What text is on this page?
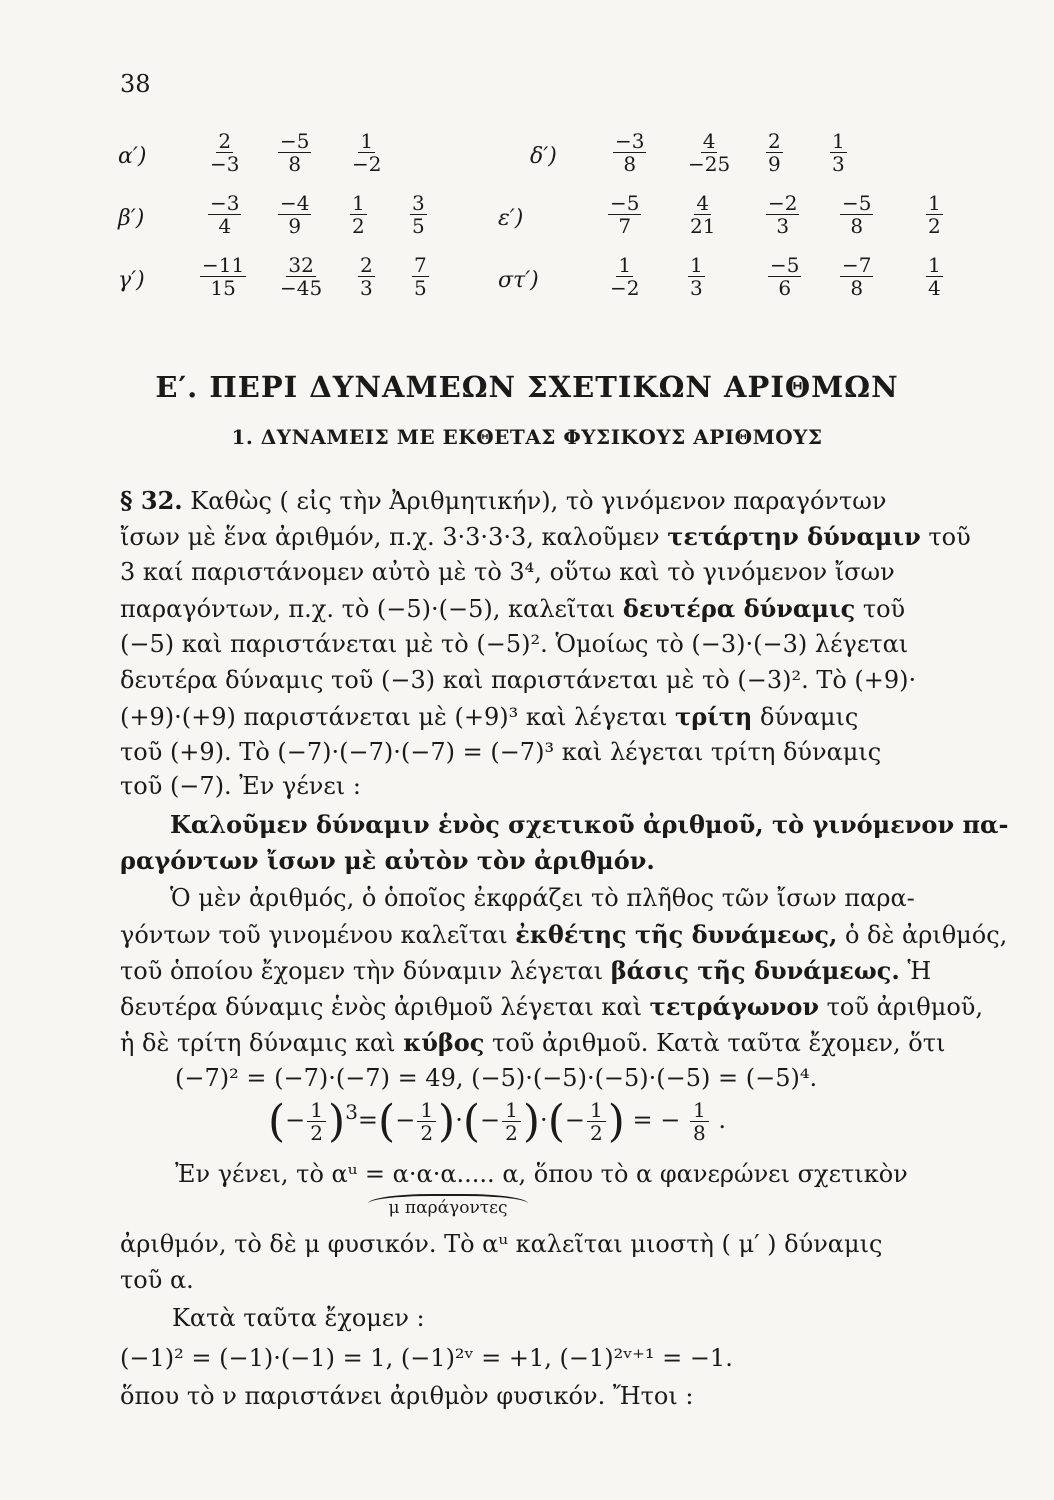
38
α′)	$\frac{2}{-3} \frac{-5}{8} \frac{1}{-2}$	δ′)	$\frac{-3}{8} \frac{4}{-25} \frac{2}{9} \frac{1}{3}$
β′)	$\frac{-3}{4} \frac{-4}{9} \frac{1}{2} \frac{3}{5}$	ε′)	$\frac{-5}{7} \frac{4}{21} \frac{-2}{3} \frac{-5}{8}$	$\frac{1}{2}$
γ′)	$\frac{-11}{15} \frac{32}{-45} \frac{2}{3} \frac{7}{5}$	στ′)	$\frac{1}{-2} \frac{1}{3}$	$\frac{-5}{6} \frac{-7}{8}$	$\frac{1}{4}$
Ε′. ΠΕΡΙ ΔΥΝΑΜΕΩΝ ΣΧΕΤΙΚΩΝ ΑΡΙΘΜΩΝ
1. ΔΥΝΑΜΕΙΣ ΜΕ ΕΚΘΕΤΑΣ ΦΥΣΙΚΟΥΣ ΑΡΙΘΜΟΥΣ
§ 32. Καθὼς ( εἰς τὴν Ἀριθμητικήν), τὸ γινόμενον παραγόντων
ἴσων μὲ ἕνα ἀριθμόν, π.χ. 3·3·3·3, καλοῦμεν τετάρτην δύναμιν τοῦ
3 καί παριστάνομεν αὐτὸ μὲ τὸ 3⁴, οὕτω καὶ τὸ γινόμενον ἴσων
παραγόντων, π.χ. τὸ (−5)·(−5), καλεῖται δευτέρα δύναμις τοῦ
(−5) καὶ παριστάνεται μὲ τὸ (−5)². Ὁμοίως τὸ (−3)·(−3) λέγεται
δευτέρα δύναμις τοῦ (−3) καὶ παριστάνεται μὲ τὸ (−3)². Τὸ (+9)·
(+9)·(+9) παριστάνεται μὲ (+9)³ καὶ λέγεται τρίτη δύναμις
τοῦ (+9). Τὸ (−7)·(−7)·(−7) = (−7)³ καὶ λέγεται τρίτη δύναμις
τοῦ (−7). Ἐν γένει :
Καλοῦμεν δύναμιν ἑνὸς σχετικοῦ ἀριθμοῦ, τὸ γινόμενον πα-
ραγόντων ἴσων μὲ αὐτὸν τὸν ἀριθμόν.
Ὁ μὲν ἀριθμός, ὁ ὁποῖος ἐκφράζει τὸ πλῆθος τῶν ἴσων παρα-
γόντων τοῦ γινομένου καλεῖται ἐκθέτης τῆς δυνάμεως, ὁ δὲ ἀριθμός,
τοῦ ὁποίου ἔχομεν τὴν δύναμιν λέγεται βάσις τῆς δυνάμεως. Ἡ
δευτέρα δύναμις ἑνὸς ἀριθμοῦ λέγεται καὶ τετράγωνον τοῦ ἀριθμοῦ,
ἡ δὲ τρίτη δύναμις καὶ κύβος τοῦ ἀριθμοῦ. Κατὰ ταῦτα ἔχομεν, ὅτι
(−7)² = (−7)·(−7) = 49, (−5)·(−5)·(−5)·(−5) = (−5)⁴.
(− $\frac{1}{2} )^3=(- \frac{1}{2}$ )·(− $\frac{1}{2}$ )·(− $\frac{1}{2}$ ) = − $\frac{1}{8}$ .
Ἐν γένει, τὸ αᵘ = α·α·α..... α, ὅπου τὸ α φανερώνει σχετικὸν
μ παράγοντες
ἀριθμόν, τὸ δὲ μ φυσικόν. Τὸ αᵘ καλεῖται μιοστὴ ( μ′ ) δύναμις
τοῦ α.
Κατὰ ταῦτα ἔχομεν :
(−1)² = (−1)·(−1) = 1, (−1)²ᵛ = +1, (−1)²ᵛ⁺¹ = −1.
ὅπου τὸ ν παριστάνει ἀριθμὸν φυσικόν. Ἤτοι :
